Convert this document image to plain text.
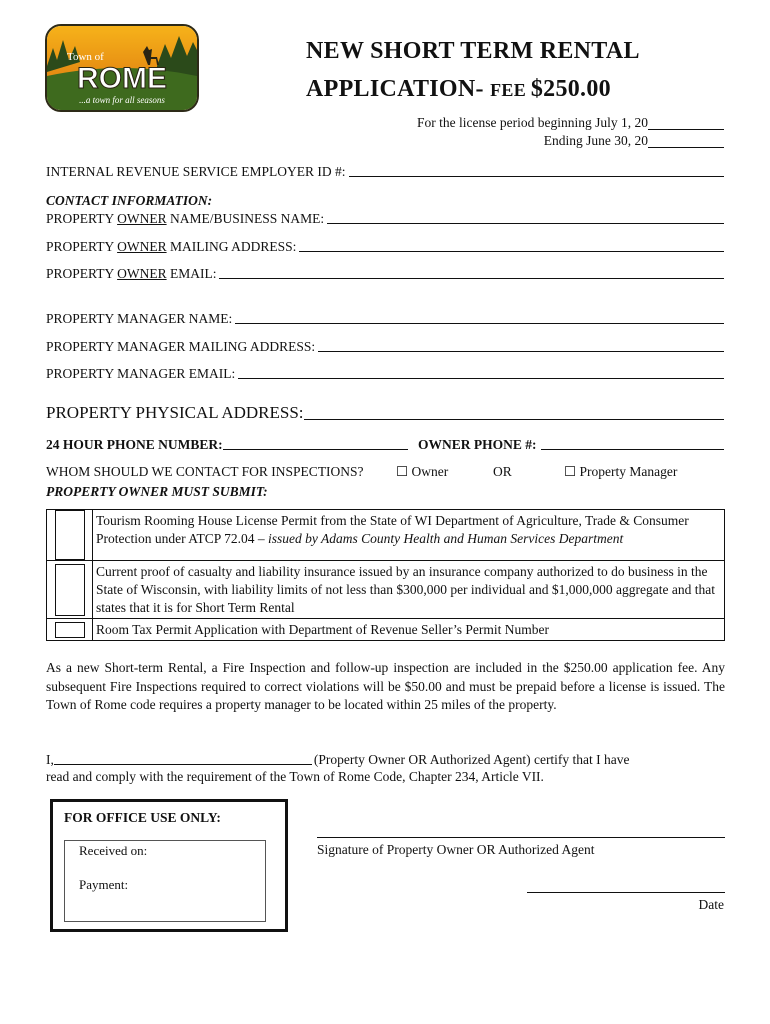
Town of
ROME
...a town for all seasons
NEW SHORT TERM RENTAL
APPLICATION- FEE $250.00
For the license period beginning July 1, 20
Ending June 30, 20
INTERNAL REVENUE SERVICE EMPLOYER ID #:
CONTACT INFORMATION:
PROPERTY OWNER NAME/BUSINESS NAME:
PROPERTY OWNER MAILING ADDRESS:
PROPERTY OWNER EMAIL:
PROPERTY MANAGER NAME:
PROPERTY MANAGER MAILING ADDRESS:
PROPERTY MANAGER EMAIL:
PROPERTY PHYSICAL ADDRESS:
24 HOUR PHONE NUMBER:	OWNER PHONE #:
WHOM SHOULD WE CONTACT FOR INSPECTIONS? ☐ Owner	OR	☐ Property Manager
PROPERTY OWNER MUST SUBMIT:
Tourism Rooming House License Permit from the State of WI Department of Agriculture, Trade & Consumer Protection under ATCP 72.04 – issued by Adams County Health and Human Services Department
Current proof of casualty and liability insurance issued by an insurance company authorized to do business in the State of Wisconsin, with liability limits of not less than $300,000 per individual and $1,000,000 aggregate and that states that it is for Short Term Rental
Room Tax Permit Application with Department of Revenue Seller’s Permit Number
As a new Short-term Rental, a Fire Inspection and follow-up inspection are included in the $250.00 application fee. Any subsequent Fire Inspections required to correct violations will be $50.00 and must be prepaid before a license is issued. The Town of Rome code requires a property manager to be located within 25 miles of the property.
I,	(Property Owner OR Authorized Agent) certify that I have
read and comply with the requirement of the Town of Rome Code, Chapter 234, Article VII.
FOR OFFICE USE ONLY:
Received on:
Payment:
Signature of Property Owner OR Authorized Agent
Date
